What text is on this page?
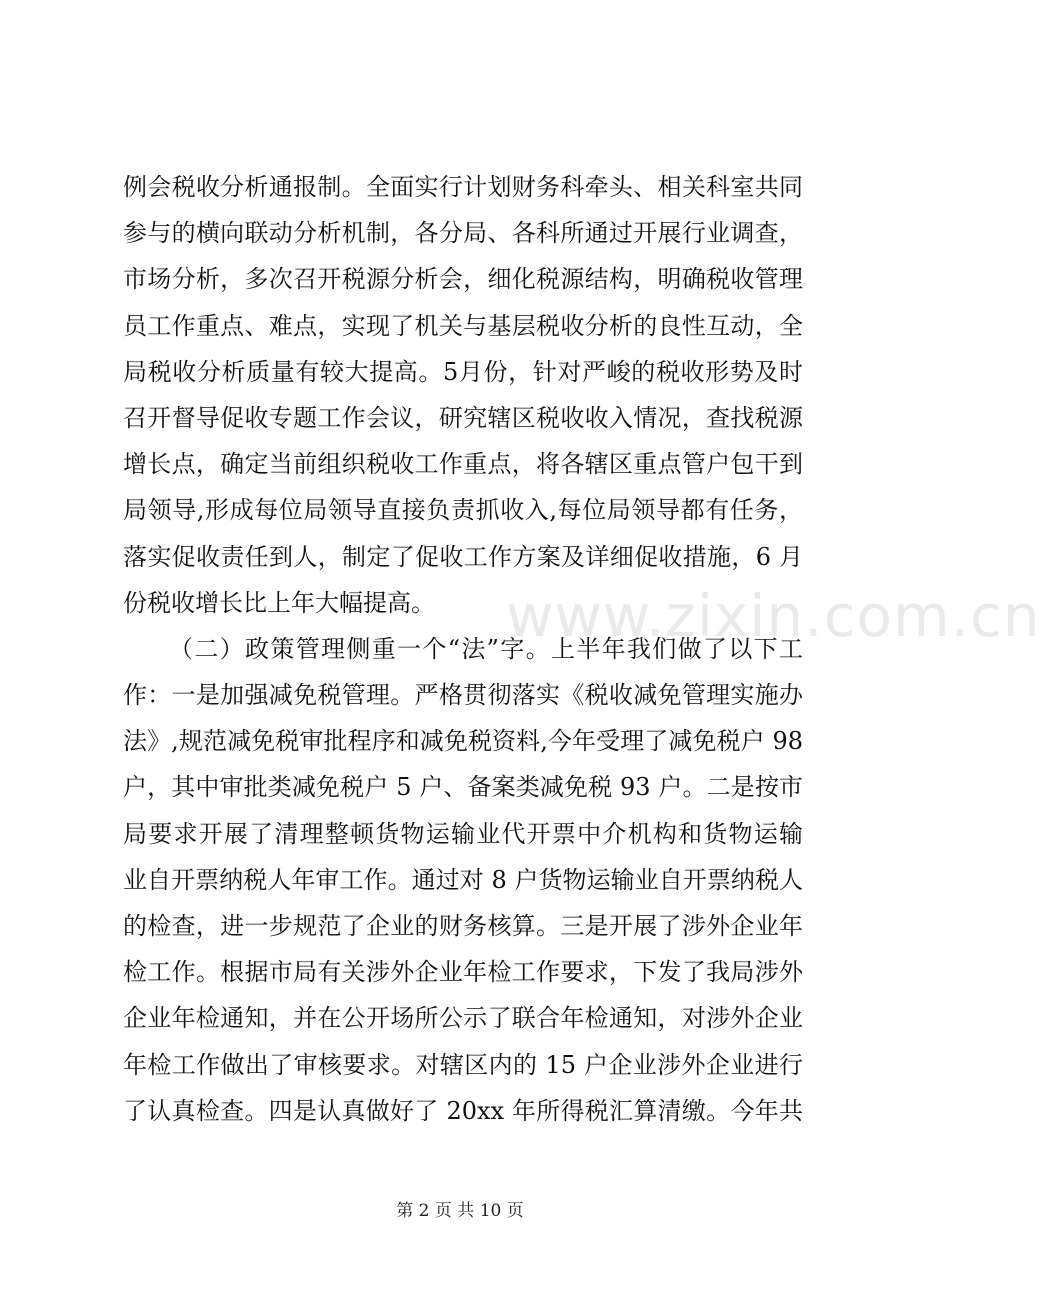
例会税收分析通报制。全面实行计划财务科牵头、相关科室共同
参与的横向联动分析机制，各分局、各科所通过开展行业调查，
市场分析，多次召开税源分析会，细化税源结构，明确税收管理
员工作重点、难点，实现了机关与基层税收分析的良性互动，全
局税收分析质量有较大提高。5月份，针对严峻的税收形势及时
召开督导促收专题工作会议，研究辖区税收收入情况，查找税源
增长点，确定当前组织税收工作重点，将各辖区重点管户包干到
局领导,形成每位局领导直接负责抓收入,每位局领导都有任务，
落实促收责任到人，制定了促收工作方案及详细促收措施，6 月
份税收增长比上年大幅提高。
（二）政策管理侧重一个“法”字。上半年我们做了以下工
作：一是加强减免税管理。严格贯彻落实《税收减免管理实施办
法》,规范减免税审批程序和减免税资料,今年受理了减免税户 98
户，其中审批类减免税户 5 户、备案类减免税 93 户。二是按市
局要求开展了清理整顿货物运输业代开票中介机构和货物运输
业自开票纳税人年审工作。通过对 8 户货物运输业自开票纳税人
的检查，进一步规范了企业的财务核算。三是开展了涉外企业年
检工作。根据市局有关涉外企业年检工作要求，下发了我局涉外
企业年检通知，并在公开场所公示了联合年检通知，对涉外企业
年检工作做出了审核要求。对辖区内的 15 户企业涉外企业进行
了认真检查。四是认真做好了 20xx 年所得税汇算清缴。今年共
www.zixin.com.cn
第 2 页 共 10 页
